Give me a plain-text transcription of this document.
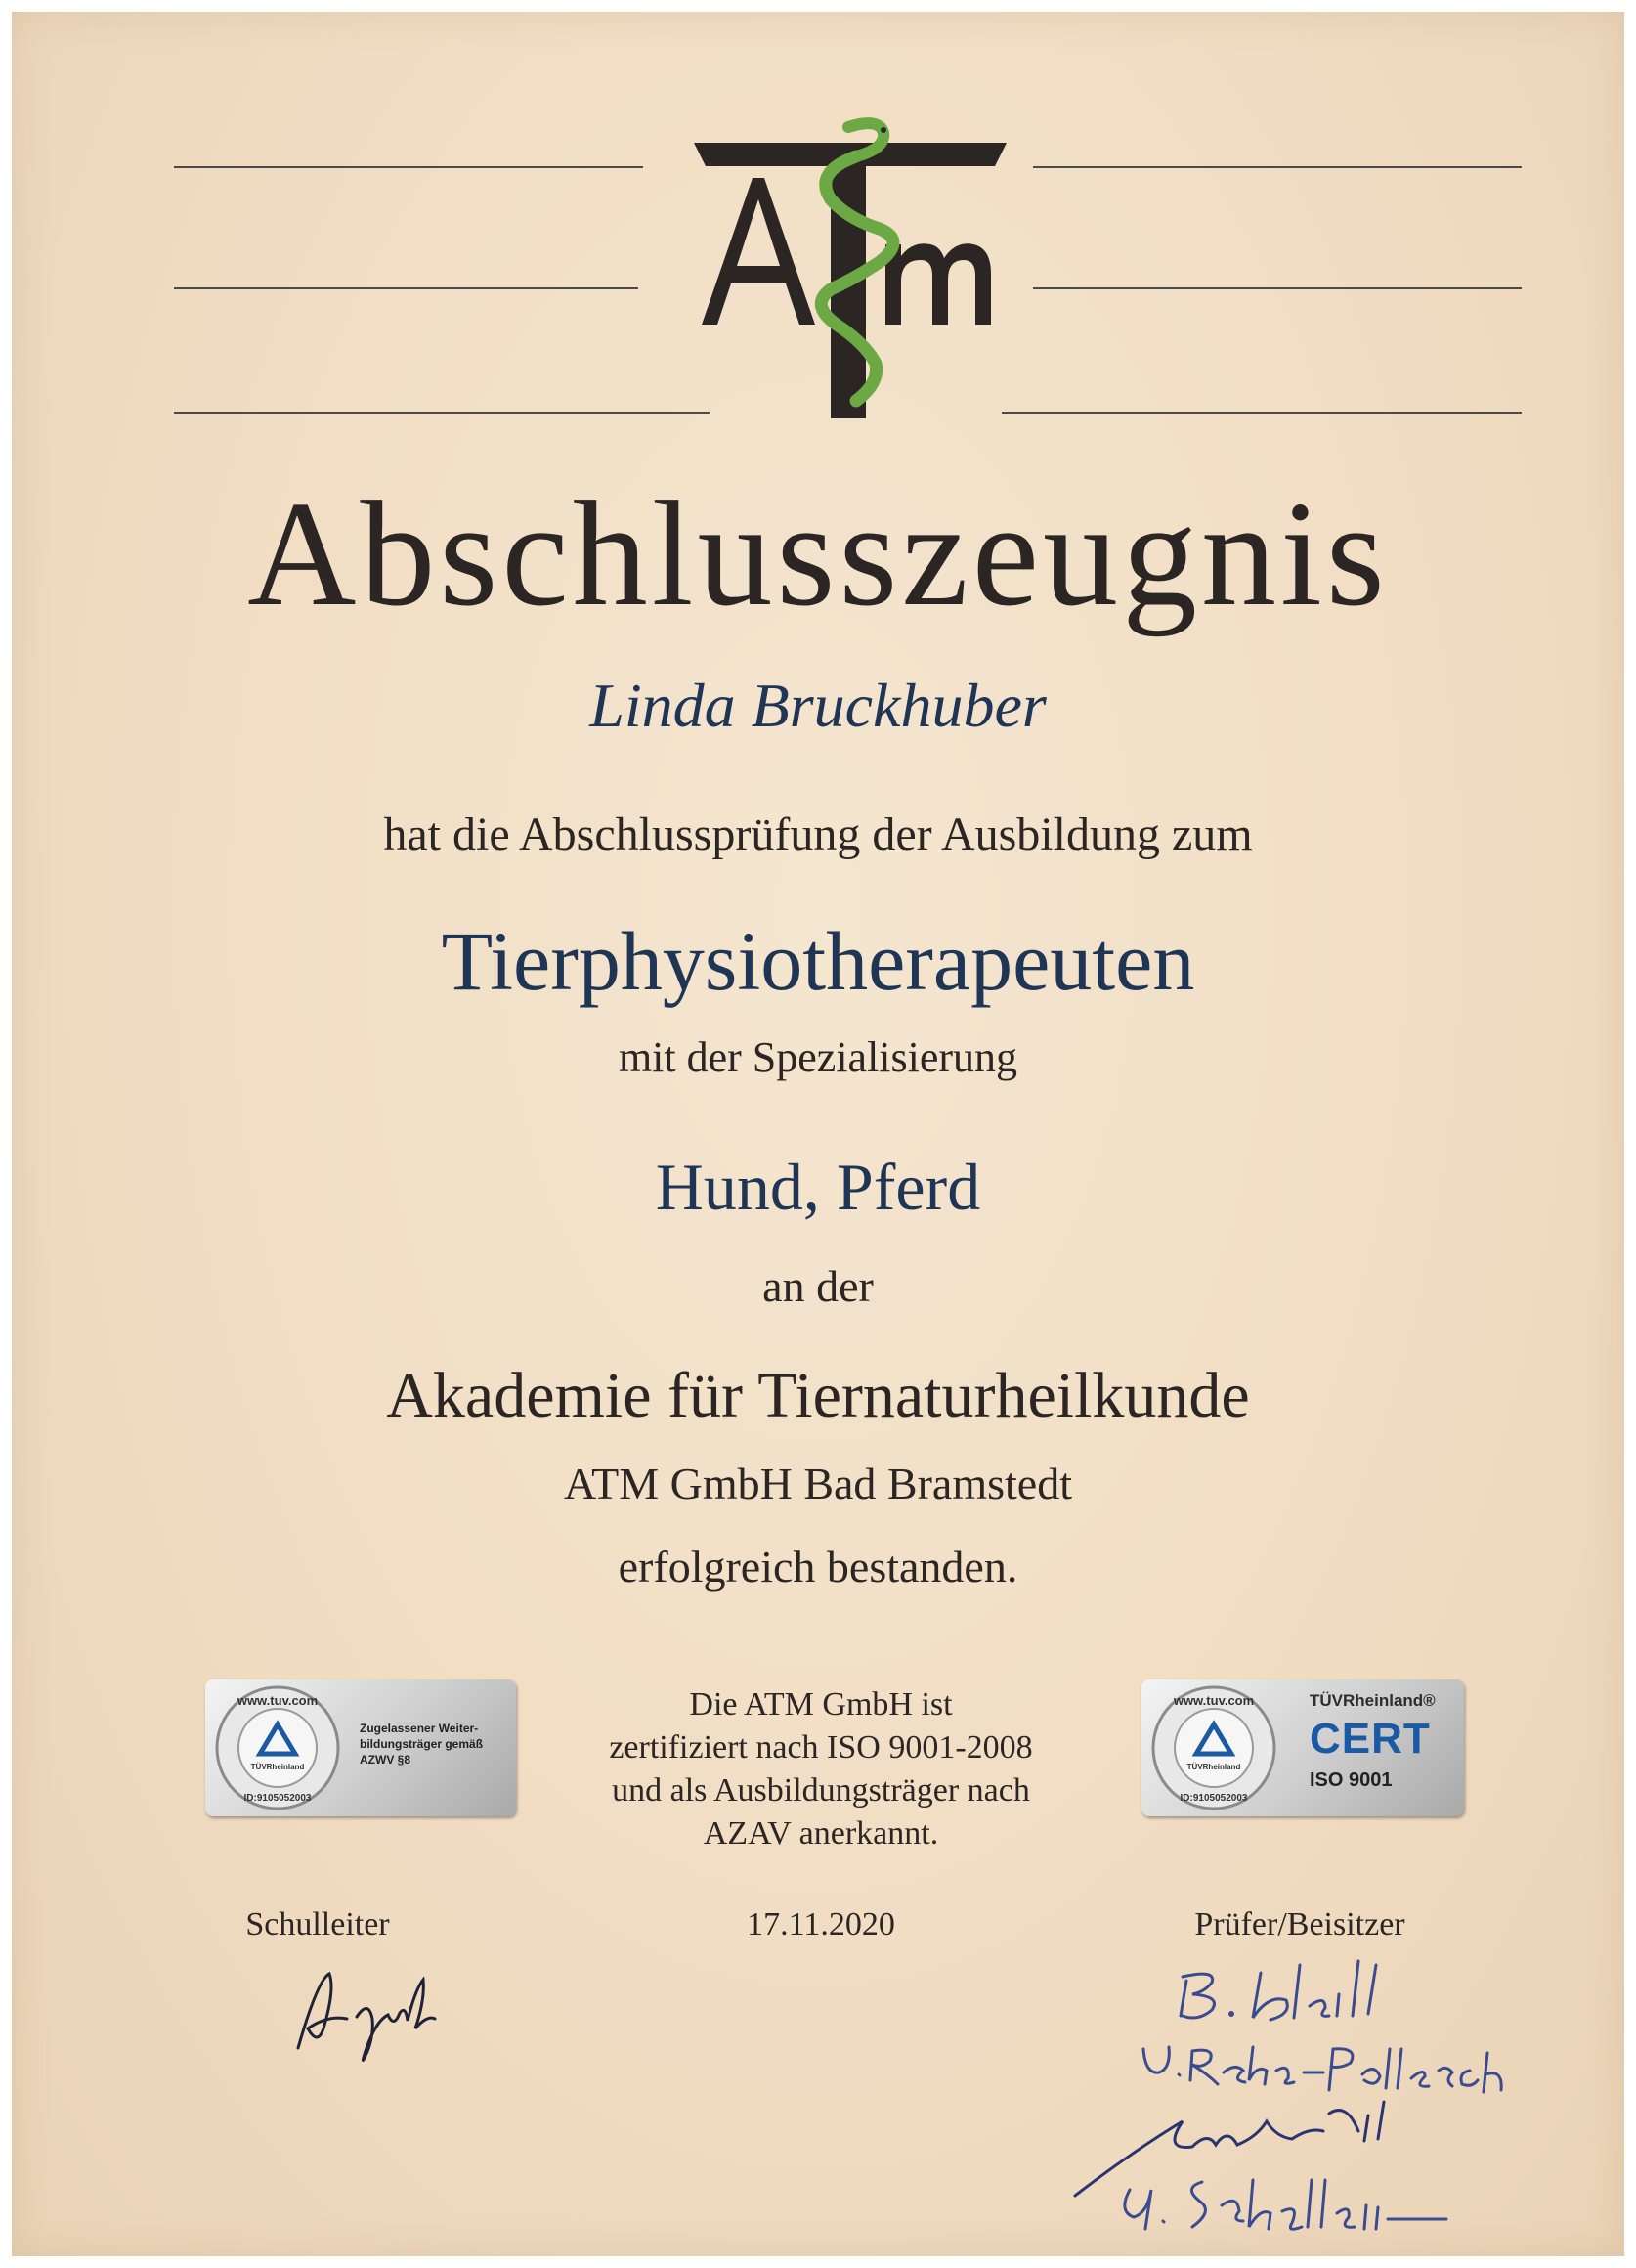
Abschlusszeugnis
Linda Bruckhuber
hat die Abschlussprüfung der Ausbildung zum
Tierphysiotherapeuten
mit der Spezialisierung
Hund, Pferd
an der
Akademie für Tiernaturheilkunde
ATM GmbH Bad Bramstedt
erfolgreich bestanden.
www.tuv.com
TÜVRheinland
ID:9105052003
Zugelassener Weiter-
bildungsträger gemäß
AZWV §8
Die ATM GmbH ist
zertifiziert nach ISO 9001-2008
und als Ausbildungsträger nach
AZAV anerkannt.
www.tuv.com
TÜVRheinland
ID:9105052003
TÜVRheinland®
CERT
ISO 9001
Schulleiter	17.11.2020	Prüfer/Beisitzer
